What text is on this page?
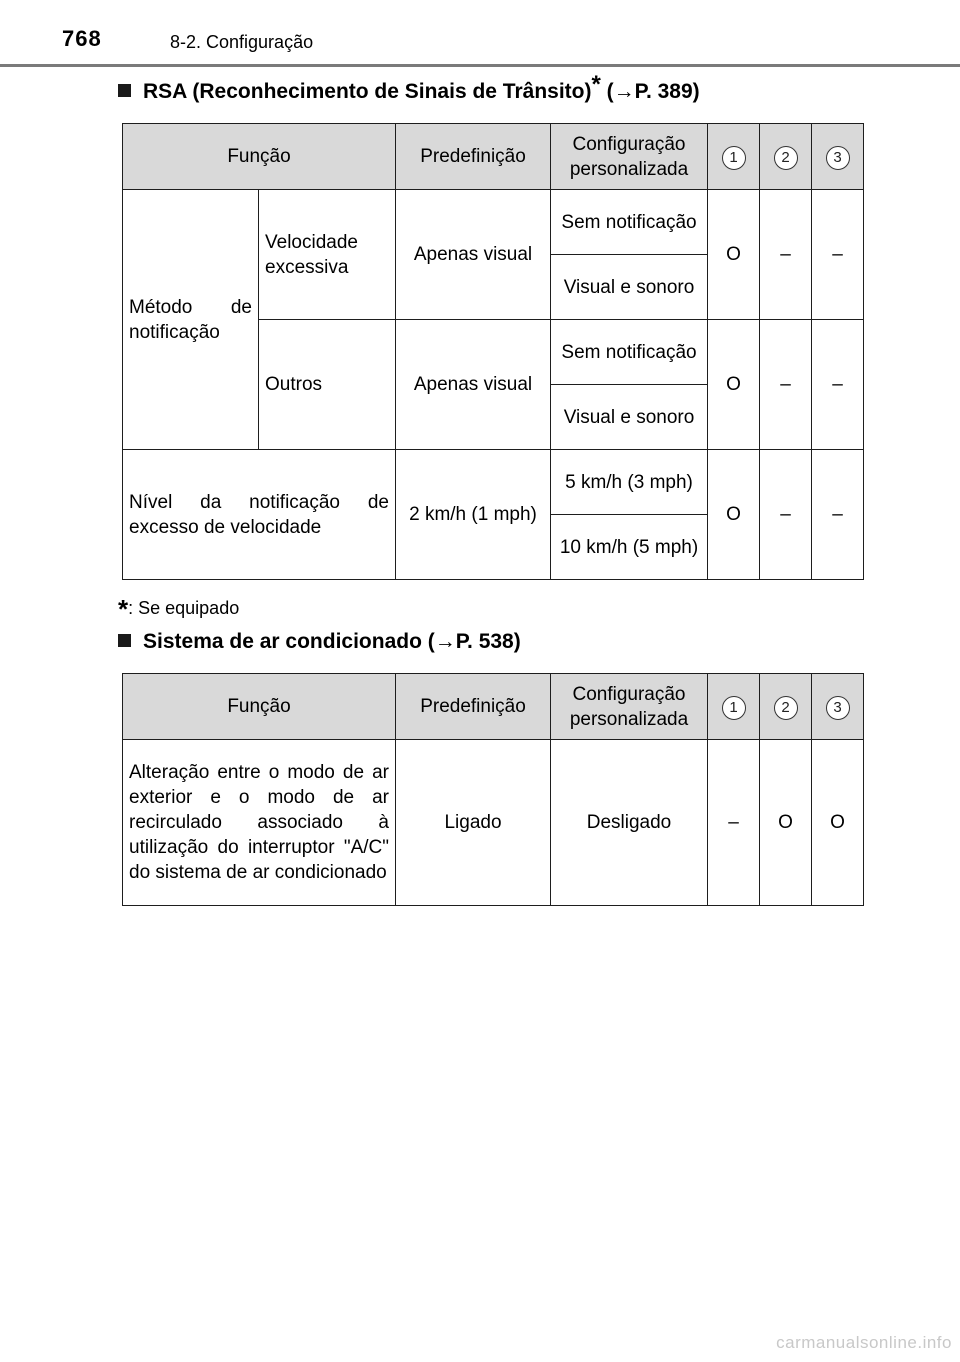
768	8-2. Configuração
RSA (Reconhecimento de Sinais de Trânsito)* (→P. 389)
Função		Predefinição	Configuração personalizada	1	2	3
Método de notificação	Velocidade excessiva	Apenas visual	Sem notificação	O	–	–
			Visual e sonoro			
	Outros	Apenas visual	Sem notificação	O	–	–
			Visual e sonoro			
Nível da notificação de excesso de velocidade		2 km/h (1 mph)	5 km/h (3 mph)	O	–	–
			10 km/h (5 mph)			
*: Se equipado
Sistema de ar condicionado (→P. 538)
Função	Predefinição	Configuração personalizada	1	2	3
Alteração entre o modo de ar exterior e o modo de ar recirculado associado à utilização do interruptor "A/C" do sistema de ar condicionado	Ligado	Desligado	–	O	O
carmanualsonline.info
